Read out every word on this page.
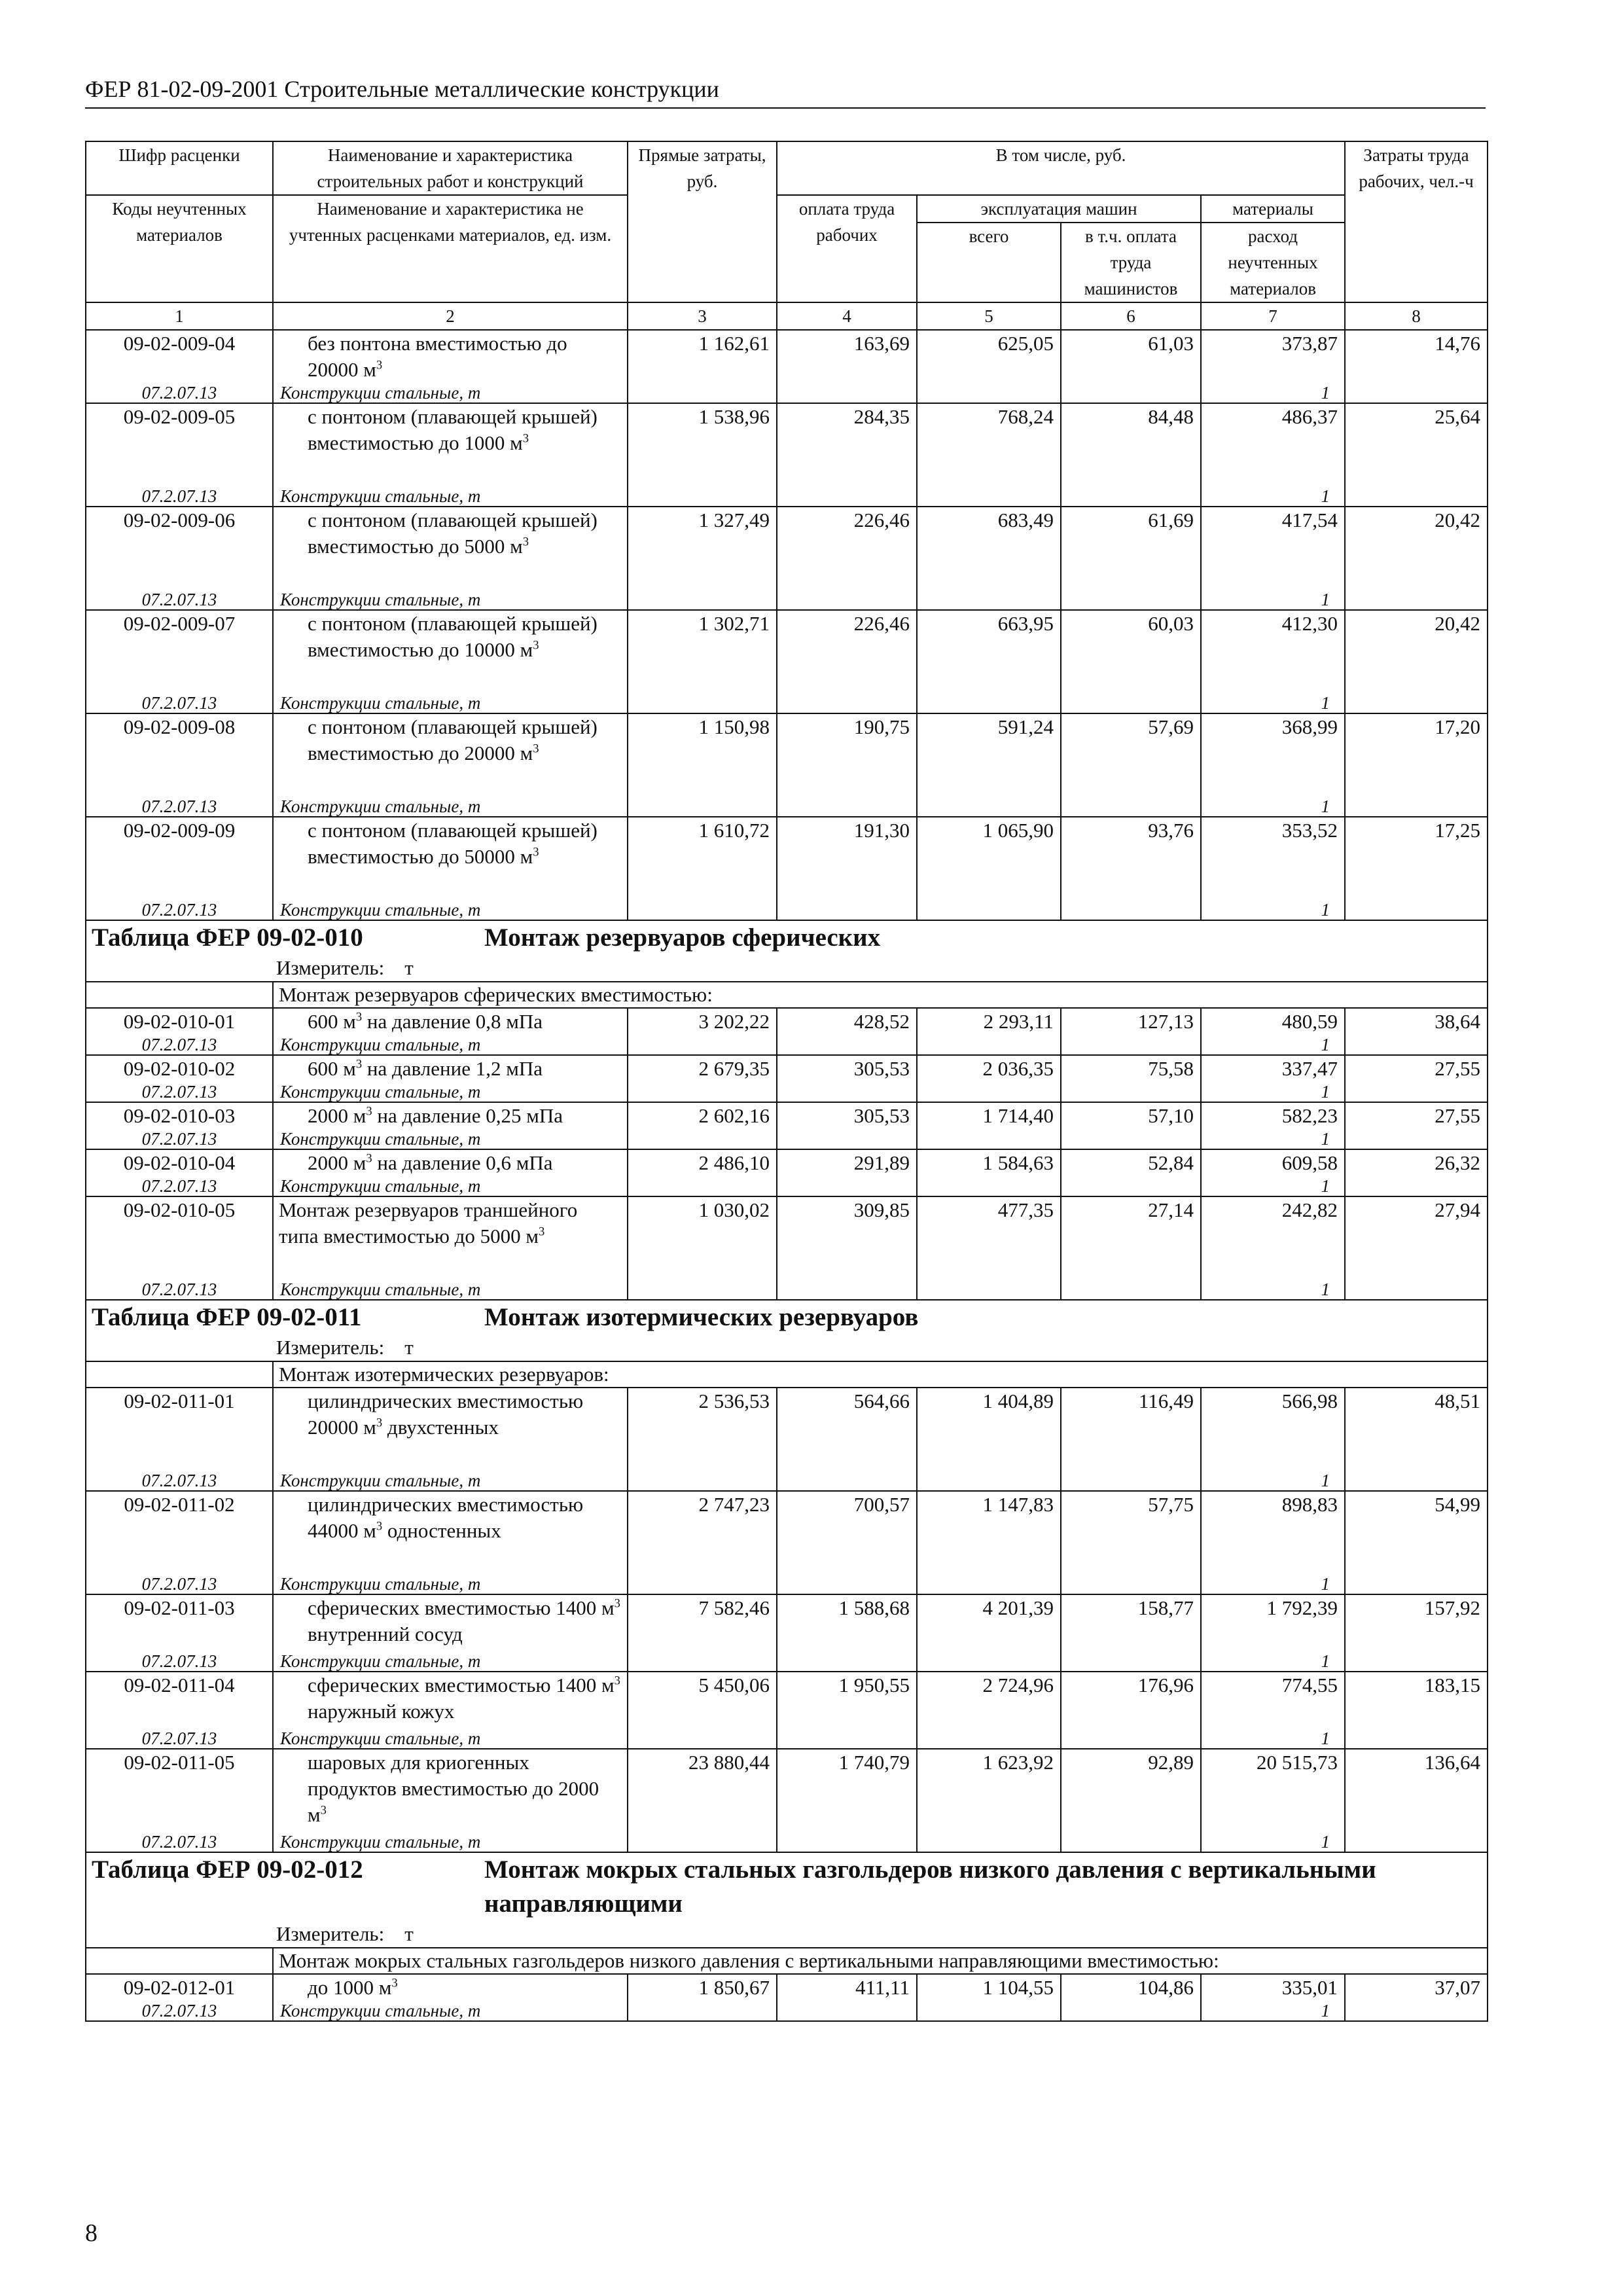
ФЕР 81-02-09-2001 Строительные металлические конструкции
Шифр расценки	Наименование и характеристика строительных работ и конструкций	Прямые затраты, руб.	В том числе, руб.				Затраты труда рабочих, чел.-ч
Коды неучтенных материалов	Наименование и характеристика не учтенных расценками материалов, ед. изм.		оплата труда рабочих	эксплуатация машин		материалы	
				всего	в т.ч. оплата труда машинистов	расход неучтенных материалов	
1	2	3	4	5	6	7	8
09-02-009-04	без понтона вместимостью до 20000 $м^3$	1 162,61	163,69	625,05	61,03	373,87	14,76
07.2.07.13	Конструкции стальные, т					1	
09-02-009-05	с понтоном (плавающей крышей) вместимостью до 1000 $м^3$	1 538,96	284,35	768,24	84,48	486,37	25,64
07.2.07.13	Конструкции стальные, т					1	
09-02-009-06	с понтоном (плавающей крышей) вместимостью до 5000 $м^3$	1 327,49	226,46	683,49	61,69	417,54	20,42
07.2.07.13	Конструкции стальные, т					1	
09-02-009-07	с понтоном (плавающей крышей) вместимостью до 10000 $м^3$	1 302,71	226,46	663,95	60,03	412,30	20,42
07.2.07.13	Конструкции стальные, т					1	
09-02-009-08	с понтоном (плавающей крышей) вместимостью до 20000 $м^3$	1 150,98	190,75	591,24	57,69	368,99	17,20
07.2.07.13	Конструкции стальные, т					1	
09-02-009-09	с понтоном (плавающей крышей) вместимостью до 50000 $м^3$	1 610,72	191,30	1 065,90	93,76	353,52	17,25
07.2.07.13	Конструкции стальные, т					1	
Таблица ФЕР 09-02-010 Монтаж резервуаров сферических							
Измеритель: т							
	Монтаж резервуаров сферических вместимостью:						
09-02-010-01	600 $м^3$ на давление 0,8 мПа	3 202,22	428,52	2 293,11	127,13	480,59	38,64
07.2.07.13	Конструкции стальные, т					1	
09-02-010-02	600 $м^3$ на давление 1,2 мПа	2 679,35	305,53	2 036,35	75,58	337,47	27,55
07.2.07.13	Конструкции стальные, т					1	
09-02-010-03	2000 $м^3$ на давление 0,25 мПа	2 602,16	305,53	1 714,40	57,10	582,23	27,55
07.2.07.13	Конструкции стальные, т					1	
09-02-010-04	2000 $м^3$ на давление 0,6 мПа	2 486,10	291,89	1 584,63	52,84	609,58	26,32
07.2.07.13	Конструкции стальные, т					1	
09-02-010-05	Монтаж резервуаров траншейного типа вместимостью до 5000 $м^3$	1 030,02	309,85	477,35	27,14	242,82	27,94
07.2.07.13	Конструкции стальные, т					1	
Таблица ФЕР 09-02-011 Монтаж изотермических резервуаров							
Измеритель: т							
	Монтаж изотермических резервуаров:						
09-02-011-01	цилиндрических вместимостью 20000 $м^3$ двухстенных	2 536,53	564,66	1 404,89	116,49	566,98	48,51
07.2.07.13	Конструкции стальные, т					1	
09-02-011-02	цилиндрических вместимостью 44000 $м^3$ одностенных	2 747,23	700,57	1 147,83	57,75	898,83	54,99
07.2.07.13	Конструкции стальные, т					1	
09-02-011-03	сферических вместимостью 1400 $м^3$ внутренний сосуд	7 582,46	1 588,68	4 201,39	158,77	1 792,39	157,92
07.2.07.13	Конструкции стальные, т					1	
09-02-011-04	сферических вместимостью 1400 $м^3$ наружный кожух	5 450,06	1 950,55	2 724,96	176,96	774,55	183,15
07.2.07.13	Конструкции стальные, т					1	
09-02-011-05	шаровых для криогенных продуктов вместимостью до 2000 $м^3$	23 880,44	1 740,79	1 623,92	92,89	20 515,73	136,64
07.2.07.13	Конструкции стальные, т					1	
Таблица ФЕР 09-02-012 Монтаж мокрых стальных газгольдеров низкого давления с вертикальными направляющими							
Измеритель: т							
	Монтаж мокрых стальных газгольдеров низкого давления с вертикальными направляющими вместимостью:						
09-02-012-01	до 1000 $м^3$	1 850,67	411,11	1 104,55	104,86	335,01	37,07
07.2.07.13	Конструкции стальные, т					1	
8
